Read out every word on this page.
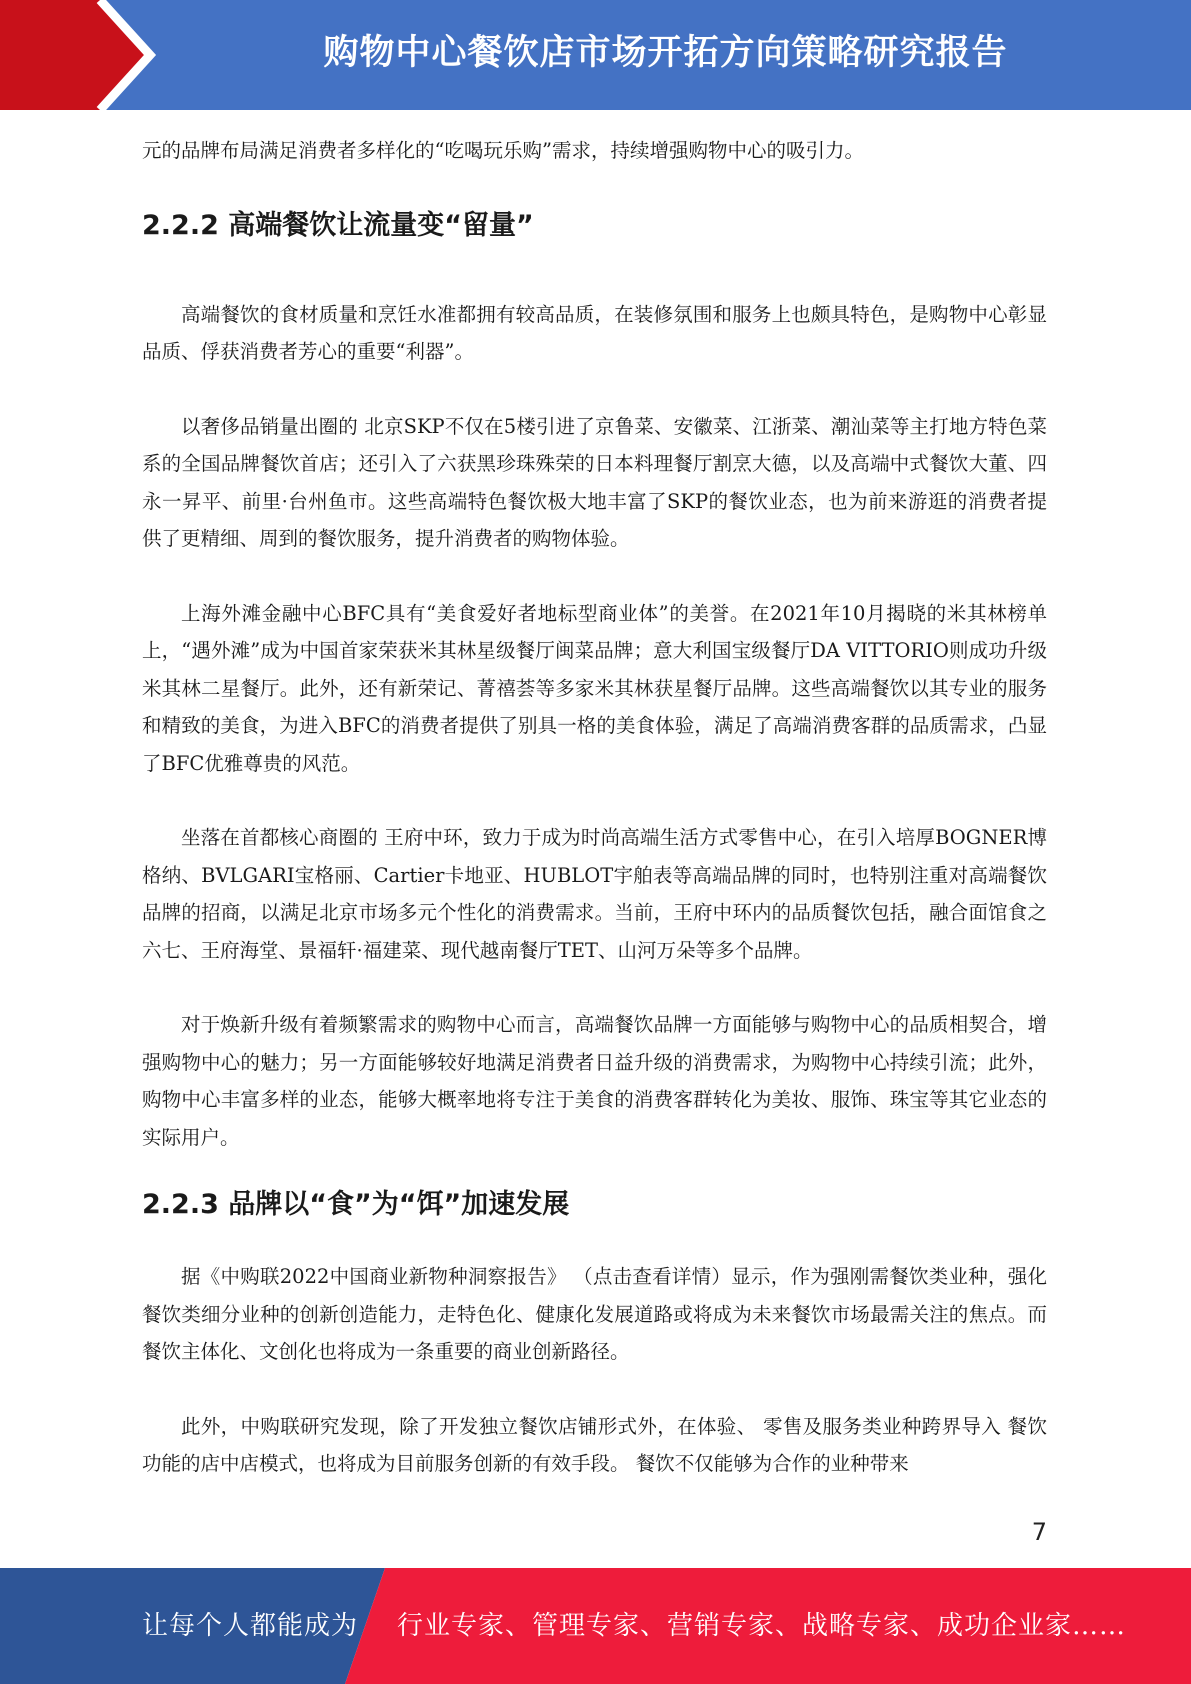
购物中心餐饮店市场开拓方向策略研究报告

元的品牌布局满足消费者多样化的“吃喝玩乐购”需求，持续增强购物中心的吸引力。

2.2.2 高端餐饮让流量变“留量”

高端餐饮的食材质量和烹饪水准都拥有较高品质，在装修氛围和服务上也颇具特色，是购物中心彰显品质、俘获消费者芳心的重要“利器”。

以奢侈品销量出圈的 北京SKP不仅在5楼引进了京鲁菜、安徽菜、江浙菜、潮汕菜等主打地方特色菜系的全国品牌餐饮首店；还引入了六获黑珍珠殊荣的日本料理餐厅割烹大德，以及高端中式餐饮大董、四永一昇平、前里·台州鱼市。这些高端特色餐饮极大地丰富了SKP的餐饮业态，也为前来游逛的消费者提供了更精细、周到的餐饮服务，提升消费者的购物体验。

上海外滩金融中心BFC具有“美食爱好者地标型商业体”的美誉。在2021年10月揭晓的米其林榜单上，“遇外滩”成为中国首家荣获米其林星级餐厅闽菜品牌；意大利国宝级餐厅DA VITTORIO则成功升级米其林二星餐厅。此外，还有新荣记、菁禧荟等多家米其林获星餐厅品牌。这些高端餐饮以其专业的服务和精致的美食，为进入BFC的消费者提供了别具一格的美食体验，满足了高端消费客群的品质需求，凸显了BFC优雅尊贵的风范。

坐落在首都核心商圈的 王府中环，致力于成为时尚高端生活方式零售中心，在引入培厚BOGNER博格纳、BVLGARI宝格丽、Cartier卡地亚、HUBLOT宇舶表等高端品牌的同时，也特别注重对高端餐饮品牌的招商，以满足北京市场多元个性化的消费需求。当前，王府中环内的品质餐饮包括，融合面馆食之六七、王府海堂、景福轩·福建菜、现代越南餐厅TET、山河万朵等多个品牌。

对于焕新升级有着频繁需求的购物中心而言，高端餐饮品牌一方面能够与购物中心的品质相契合，增强购物中心的魅力；另一方面能够较好地满足消费者日益升级的消费需求，为购物中心持续引流；此外，购物中心丰富多样的业态，能够大概率地将专注于美食的消费客群转化为美妆、服饰、珠宝等其它业态的实际用户。

2.2.3 品牌以“食”为“饵”加速发展

据《中购联2022中国商业新物种洞察报告》 （点击查看详情）显示，作为强刚需餐饮类业种，强化餐饮类细分业种的创新创造能力，走特色化、健康化发展道路或将成为未来餐饮市场最需关注的焦点。而餐饮主体化、文创化也将成为一条重要的商业创新路径。

此外，中购联研究发现，除了开发独立餐饮店铺形式外，在体验、 零售及服务类业种跨界导入 餐饮功能的店中店模式，也将成为目前服务创新的有效手段。 餐饮不仅能够为合作的业种带来

7
让每个人都能成为 行业专家、管理专家、营销专家、战略专家、成功企业家……
